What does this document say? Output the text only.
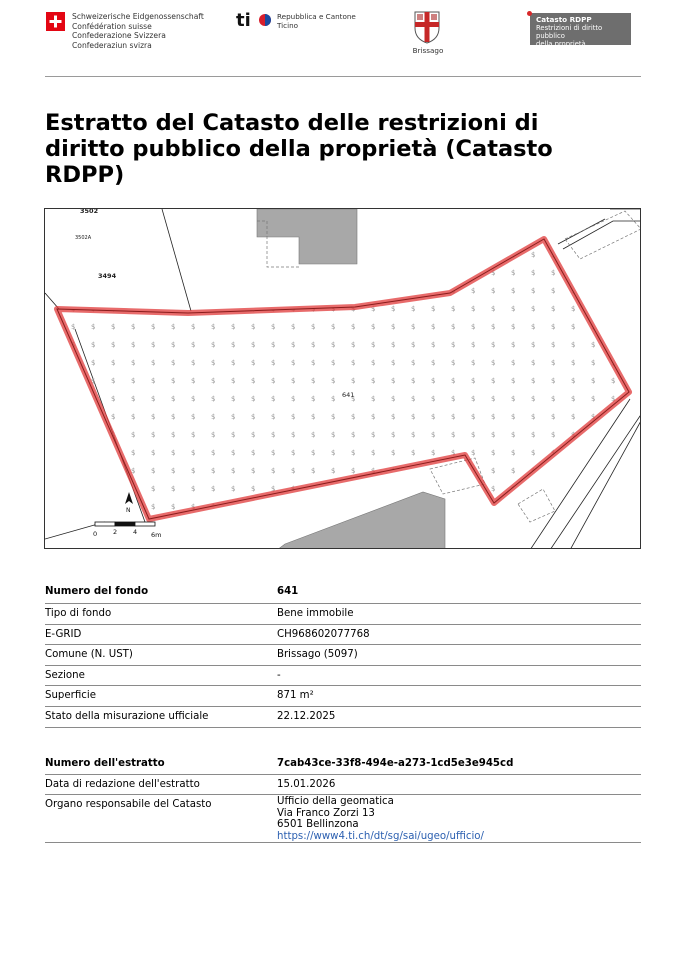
Schweizerische Eidgenossenschaft
Confédération suisse
Confederazione Svizzera
Confederaziun svizra
ti	Repubblica e Cantone
Ticino
Brissago
Catasto RDPP
Restrizioni di diritto pubblico
della proprietà
Estratto del Catasto delle restrizioni di diritto pubblico della proprietà (Catasto RDPP)
641
3494
3502
3502A
N
0 2 4 6m
Numero del fondo	641
Tipo di fondo	Bene immobile
E-GRID	CH968602077768
Comune (N. UST)	Brissago (5097)
Sezione	-
Superficie	871 m²
Stato della misurazione ufficiale	22.12.2025
Numero dell'estratto	7cab43ce-33f8-494e-a273-1cd5e3e945cd
Data di redazione dell'estratto	15.01.2026
Organo responsabile del Catasto	Ufficio della geomatica
Via Franco Zorzi 13
6501 Bellinzona
https://www4.ti.ch/dt/sg/sai/ugeo/ufficio/
